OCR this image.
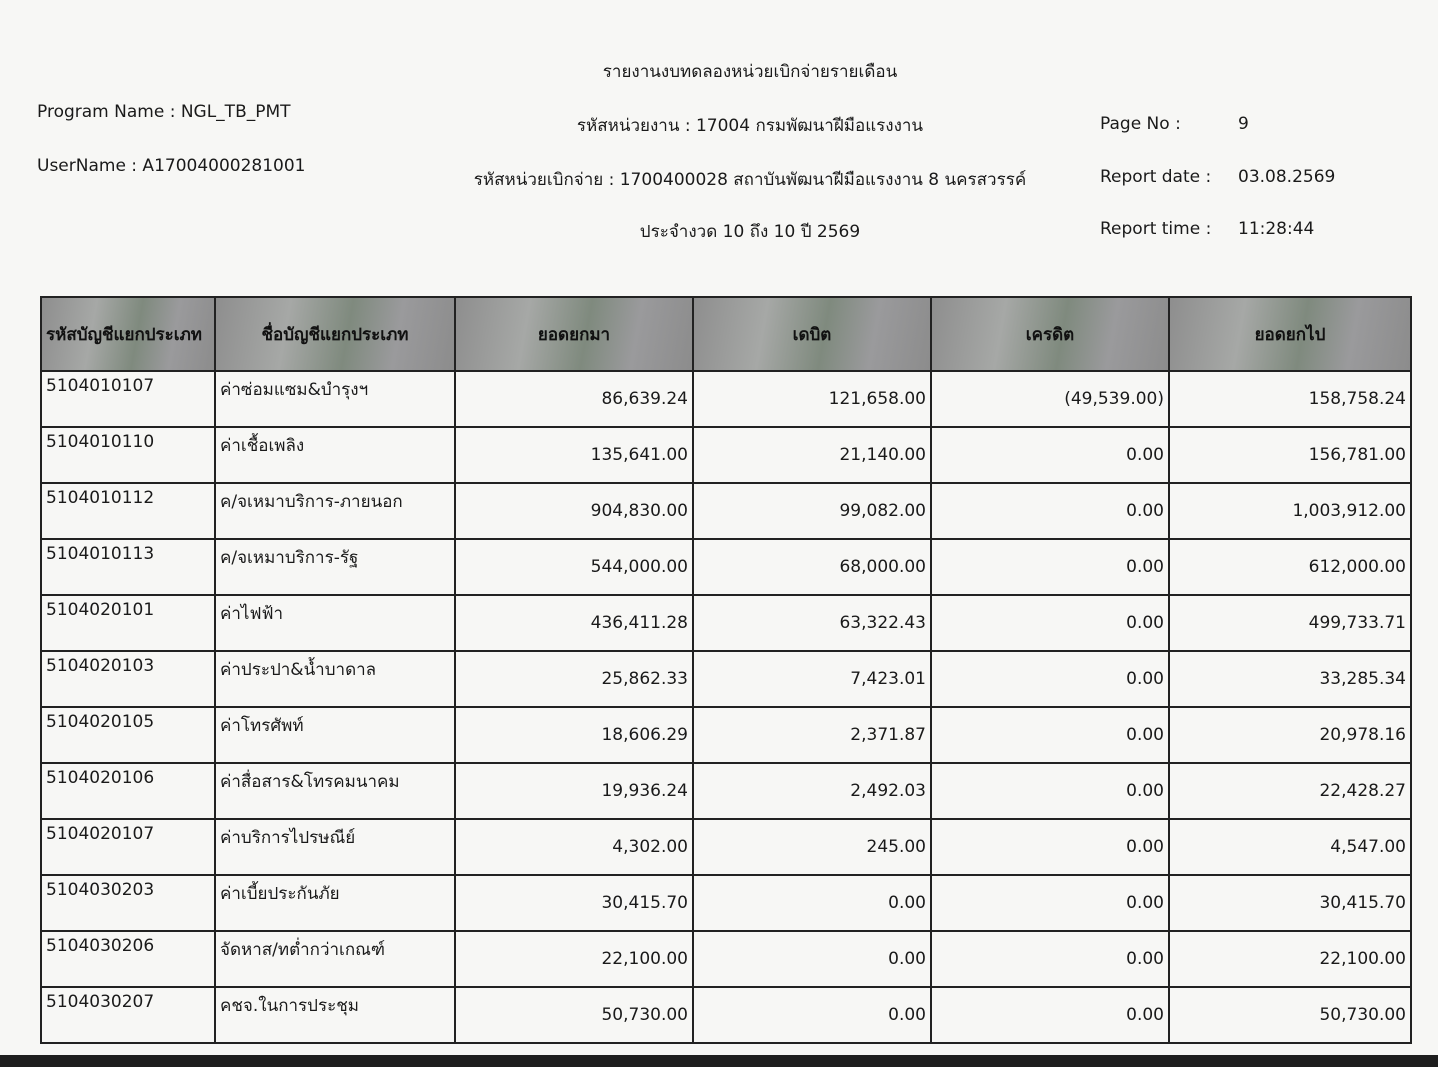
รายงานงบทดลองหน่วยเบิกจ่ายรายเดือน
Program Name : NGL_TB_PMT
รหัสหน่วยงาน : 17004 กรมพัฒนาฝีมือแรงงาน
UserName : A17004000281001
รหัสหน่วยเบิกจ่าย : 1700400028 สถาบันพัฒนาฝีมือแรงงาน 8 นครสวรรค์
ประจำงวด 10 ถึง 10 ปี 2569
Page No :	9
Report date : 03.08.2569
Report time : 11:28:44
รหัสบัญชีแยกประเภท	ชื่อบัญชีแยกประเภท	ยอดยกมา	เดบิต	เครดิต	ยอดยกไป
5104010107	ค่าซ่อมแซม&บำรุงฯ	86,639.24	121,658.00	(49,539.00)	158,758.24
5104010110	ค่าเชื้อเพลิง	135,641.00	21,140.00	0.00	156,781.00
5104010112	ค/จเหมาบริการ-ภายนอก	904,830.00	99,082.00	0.00	1,003,912.00
5104010113	ค/จเหมาบริการ-รัฐ	544,000.00	68,000.00	0.00	612,000.00
5104020101	ค่าไฟฟ้า	436,411.28	63,322.43	0.00	499,733.71
5104020103	ค่าประปา&น้ำบาดาล	25,862.33	7,423.01	0.00	33,285.34
5104020105	ค่าโทรศัพท์	18,606.29	2,371.87	0.00	20,978.16
5104020106	ค่าสื่อสาร&โทรคมนาคม	19,936.24	2,492.03	0.00	22,428.27
5104020107	ค่าบริการไปรษณีย์	4,302.00	245.00	0.00	4,547.00
5104030203	ค่าเบี้ยประกันภัย	30,415.70	0.00	0.00	30,415.70
5104030206	จัดหาส/ทต่ำกว่าเกณฑ์	22,100.00	0.00	0.00	22,100.00
5104030207	คชจ.ในการประชุม	50,730.00	0.00	0.00	50,730.00
